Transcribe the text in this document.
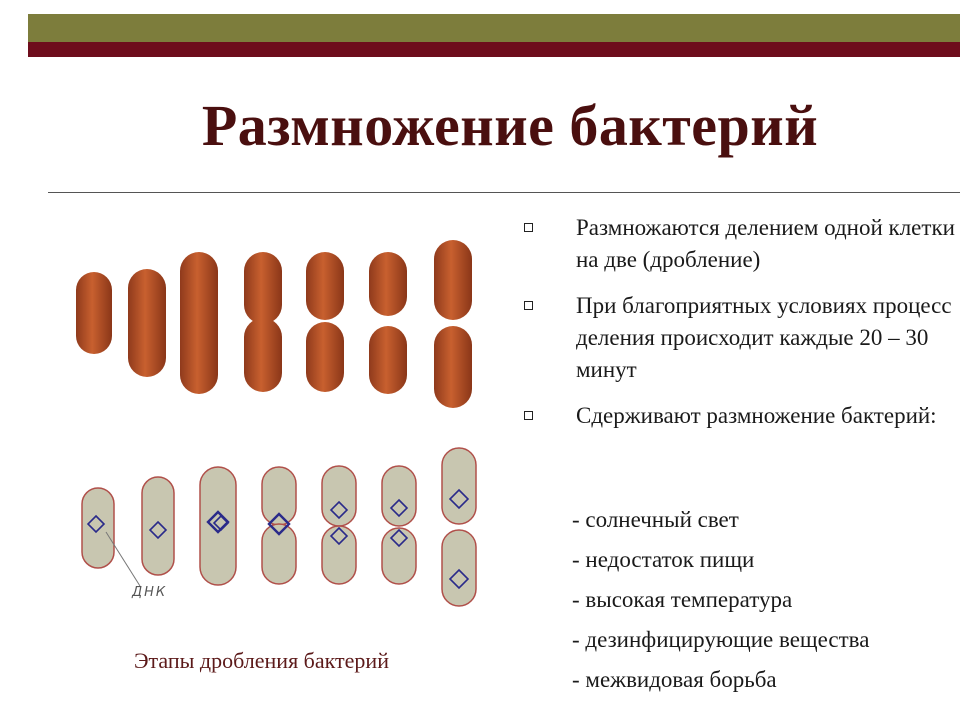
Размножение бактерий
ДНК
Этапы дробления бактерий
Размножаются делением одной клетки на две (дробление)
При благоприятных условиях процесс деления происходит каждые 20 – 30 минут
Сдерживают размножение бактерий:
- солнечный свет
- недостаток пищи
- высокая температура
- дезинфицирующие вещества
- межвидовая борьба
